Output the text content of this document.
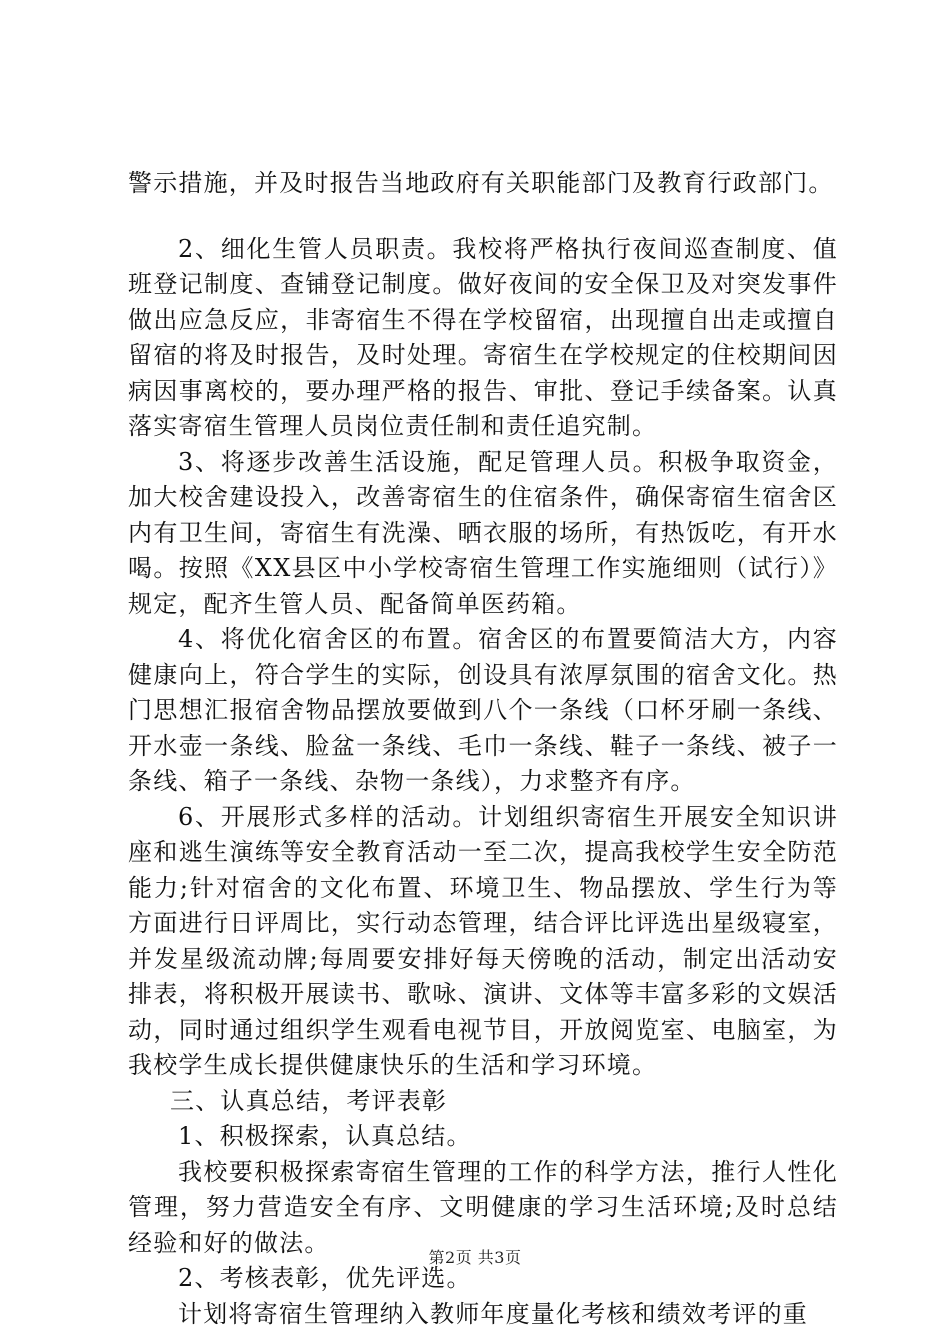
警示措施，并及时报告当地政府有关职能部门及教育行政部门。

2、细化生管人员职责。我校将严格执行夜间巡查制度、值班登记制度、查铺登记制度。做好夜间的安全保卫及对突发事件做出应急反应，非寄宿生不得在学校留宿，出现擅自出走或擅自留宿的将及时报告，及时处理。寄宿生在学校规定的住校期间因病因事离校的，要办理严格的报告、审批、登记手续备案。认真落实寄宿生管理人员岗位责任制和责任追究制。

3、将逐步改善生活设施，配足管理人员。积极争取资金，加大校舍建设投入，改善寄宿生的住宿条件，确保寄宿生宿舍区内有卫生间，寄宿生有洗澡、晒衣服的场所，有热饭吃，有开水喝。按照《XX县区中小学校寄宿生管理工作实施细则（试行）》规定，配齐生管人员、配备简单医药箱。

4、将优化宿舍区的布置。宿舍区的布置要简洁大方，内容健康向上，符合学生的实际，创设具有浓厚氛围的宿舍文化。热门思想汇报宿舍物品摆放要做到八个一条线（口杯牙刷一条线、开水壶一条线、脸盆一条线、毛巾一条线、鞋子一条线、被子一条线、箱子一条线、杂物一条线），力求整齐有序。

6、开展形式多样的活动。计划组织寄宿生开展安全知识讲座和逃生演练等安全教育活动一至二次，提高我校学生安全防范能力;针对宿舍的文化布置、环境卫生、物品摆放、学生行为等方面进行日评周比，实行动态管理，结合评比评选出星级寝室，并发星级流动牌;每周要安排好每天傍晚的活动，制定出活动安排表，将积极开展读书、歌咏、演讲、文体等丰富多彩的文娱活动，同时通过组织学生观看电视节目，开放阅览室、电脑室，为我校学生成长提供健康快乐的生活和学习环境。

三、认真总结，考评表彰

1、积极探索，认真总结。

我校要积极探索寄宿生管理的工作的科学方法，推行人性化管理，努力营造安全有序、文明健康的学习生活环境;及时总结经验和好的做法。

2、考核表彰，优先评选。

计划将寄宿生管理纳入教师年度量化考核和绩效考评的重

第2页 共3页
